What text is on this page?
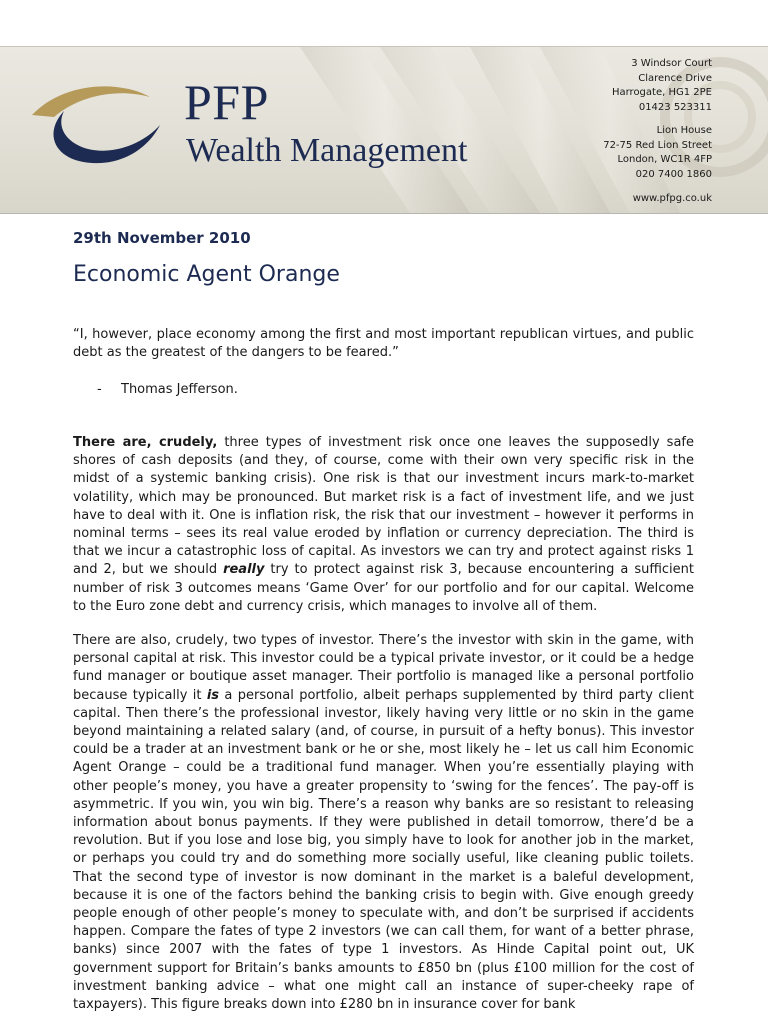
PFP
Wealth Management
3 Windsor Court
Clarence Drive
Harrogate, HG1 2PE
01423 523311
Lion House
72-75 Red Lion Street
London, WC1R 4FP
020 7400 1860
www.pfpg.co.uk
29th November 2010
Economic Agent Orange
“I, however, place economy among the first and most important republican virtues, and public debt as the greatest of the dangers to be feared.”
- Thomas Jefferson.
There are, crudely, three types of investment risk once one leaves the supposedly safe shores of cash deposits (and they, of course, come with their own very specific risk in the midst of a systemic banking crisis). One risk is that our investment incurs mark-to-market volatility, which may be pronounced. But market risk is a fact of investment life, and we just have to deal with it. One is inflation risk, the risk that our investment – however it performs in nominal terms – sees its real value eroded by inflation or currency depreciation. The third is that we incur a catastrophic loss of capital. As investors we can try and protect against risks 1 and 2, but we should really try to protect against risk 3, because encountering a sufficient number of risk 3 outcomes means ‘Game Over’ for our portfolio and for our capital. Welcome to the Euro zone debt and currency crisis, which manages to involve all of them.
There are also, crudely, two types of investor. There’s the investor with skin in the game, with personal capital at risk. This investor could be a typical private investor, or it could be a hedge fund manager or boutique asset manager. Their portfolio is managed like a personal portfolio because typically it is a personal portfolio, albeit perhaps supplemented by third party client capital. Then there’s the professional investor, likely having very little or no skin in the game beyond maintaining a related salary (and, of course, in pursuit of a hefty bonus). This investor could be a trader at an investment bank or he or she, most likely he – let us call him Economic Agent Orange – could be a traditional fund manager. When you’re essentially playing with other people’s money, you have a greater propensity to ‘swing for the fences’. The pay-off is asymmetric. If you win, you win big. There’s a reason why banks are so resistant to releasing information about bonus payments. If they were published in detail tomorrow, there’d be a revolution. But if you lose and lose big, you simply have to look for another job in the market, or perhaps you could try and do something more socially useful, like cleaning public toilets. That the second type of investor is now dominant in the market is a baleful development, because it is one of the factors behind the banking crisis to begin with. Give enough greedy people enough of other people’s money to speculate with, and don’t be surprised if accidents happen. Compare the fates of type 2 investors (we can call them, for want of a better phrase, banks) since 2007 with the fates of type 1 investors. As Hinde Capital point out, UK government support for Britain’s banks amounts to £850 bn (plus £100 million for the cost of investment banking advice – what one might call an instance of super-cheeky rape of taxpayers). This figure breaks down into £280 bn in insurance cover for bank
